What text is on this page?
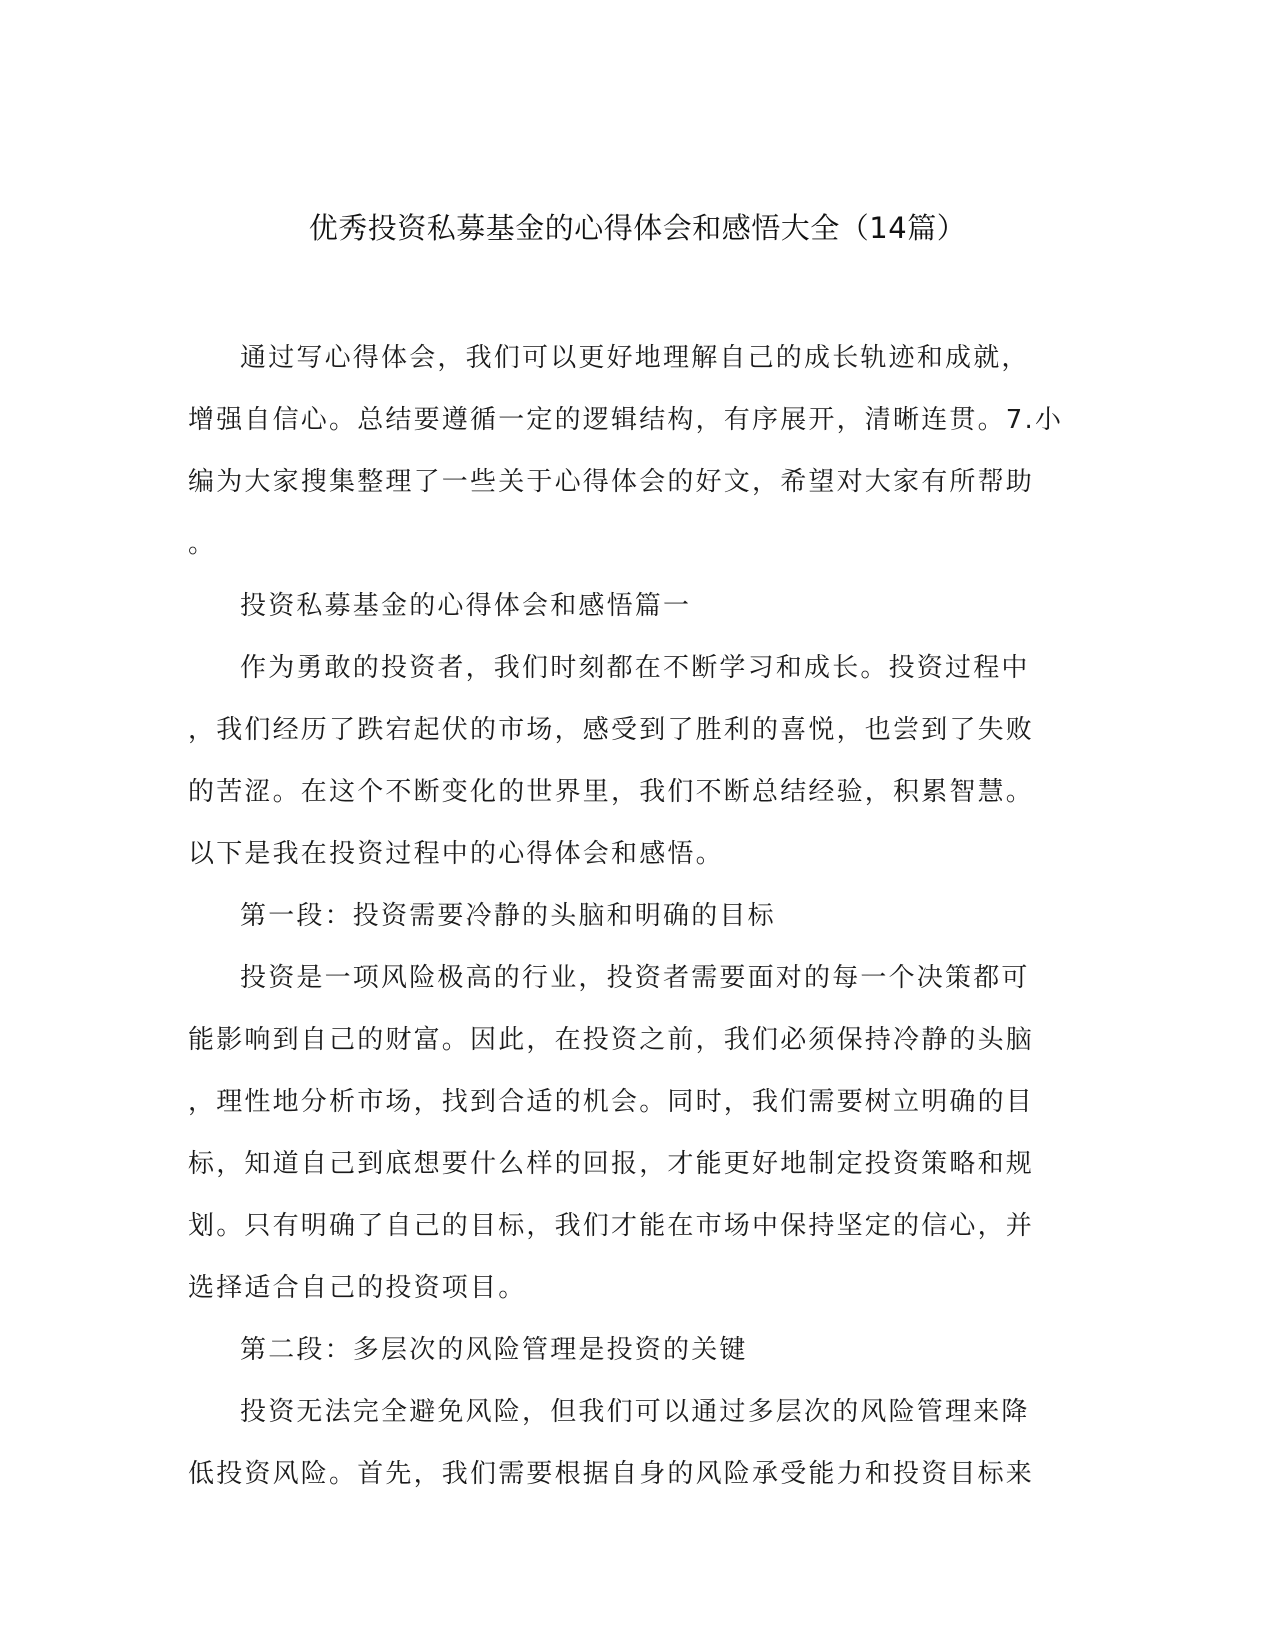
优秀投资私募基金的心得体会和感悟大全（14篇）

通过写心得体会，我们可以更好地理解自己的成长轨迹和成就，
增强自信心。总结要遵循一定的逻辑结构，有序展开，清晰连贯。7.小
编为大家搜集整理了一些关于心得体会的好文，希望对大家有所帮助
。

投资私募基金的心得体会和感悟篇一

作为勇敢的投资者，我们时刻都在不断学习和成长。投资过程中
，我们经历了跌宕起伏的市场，感受到了胜利的喜悦，也尝到了失败
的苦涩。在这个不断变化的世界里，我们不断总结经验，积累智慧。
以下是我在投资过程中的心得体会和感悟。

第一段：投资需要冷静的头脑和明确的目标

投资是一项风险极高的行业，投资者需要面对的每一个决策都可
能影响到自己的财富。因此，在投资之前，我们必须保持冷静的头脑
，理性地分析市场，找到合适的机会。同时，我们需要树立明确的目
标，知道自己到底想要什么样的回报，才能更好地制定投资策略和规
划。只有明确了自己的目标，我们才能在市场中保持坚定的信心，并
选择适合自己的投资项目。

第二段：多层次的风险管理是投资的关键

投资无法完全避免风险，但我们可以通过多层次的风险管理来降
低投资风险。首先，我们需要根据自身的风险承受能力和投资目标来
